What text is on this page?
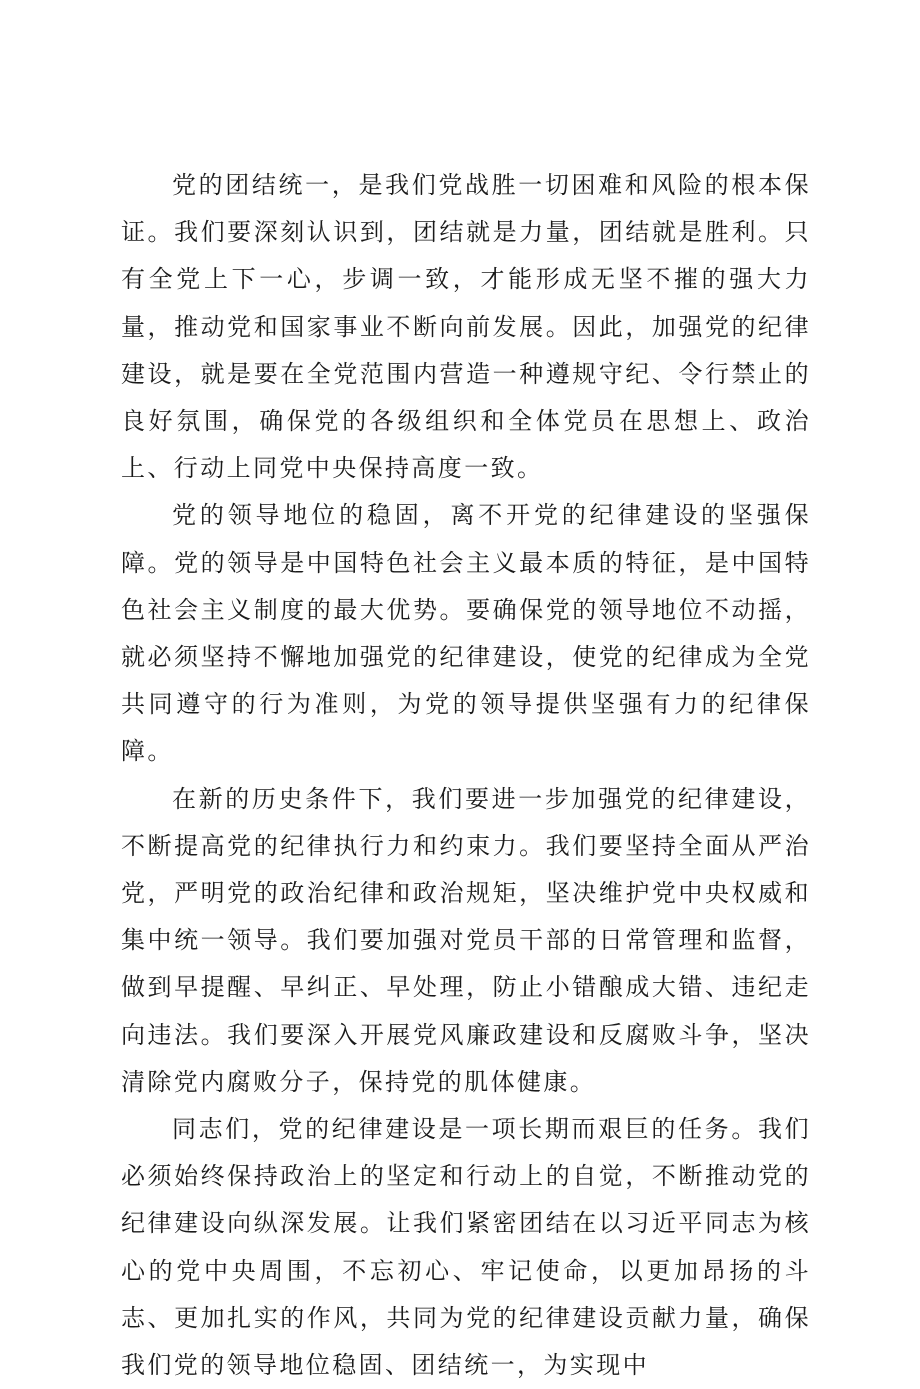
党的团结统一，是我们党战胜一切困难和风险的根本保证。我们要深刻认识到，团结就是力量，团结就是胜利。只有全党上下一心，步调一致，才能形成无坚不摧的强大力量，推动党和国家事业不断向前发展。因此，加强党的纪律建设，就是要在全党范围内营造一种遵规守纪、令行禁止的良好氛围，确保党的各级组织和全体党员在思想上、政治上、行动上同党中央保持高度一致。

党的领导地位的稳固，离不开党的纪律建设的坚强保障。党的领导是中国特色社会主义最本质的特征，是中国特色社会主义制度的最大优势。要确保党的领导地位不动摇，就必须坚持不懈地加强党的纪律建设，使党的纪律成为全党共同遵守的行为准则，为党的领导提供坚强有力的纪律保障。

在新的历史条件下，我们要进一步加强党的纪律建设，不断提高党的纪律执行力和约束力。我们要坚持全面从严治党，严明党的政治纪律和政治规矩，坚决维护党中央权威和集中统一领导。我们要加强对党员干部的日常管理和监督，做到早提醒、早纠正、早处理，防止小错酿成大错、违纪走向违法。我们要深入开展党风廉政建设和反腐败斗争，坚决清除党内腐败分子，保持党的肌体健康。

同志们，党的纪律建设是一项长期而艰巨的任务。我们必须始终保持政治上的坚定和行动上的自觉，不断推动党的纪律建设向纵深发展。让我们紧密团结在以习近平同志为核心的党中央周围，不忘初心、牢记使命，以更加昂扬的斗志、更加扎实的作风，共同为党的纪律建设贡献力量，确保我们党的领导地位稳固、团结统一，为实现中
